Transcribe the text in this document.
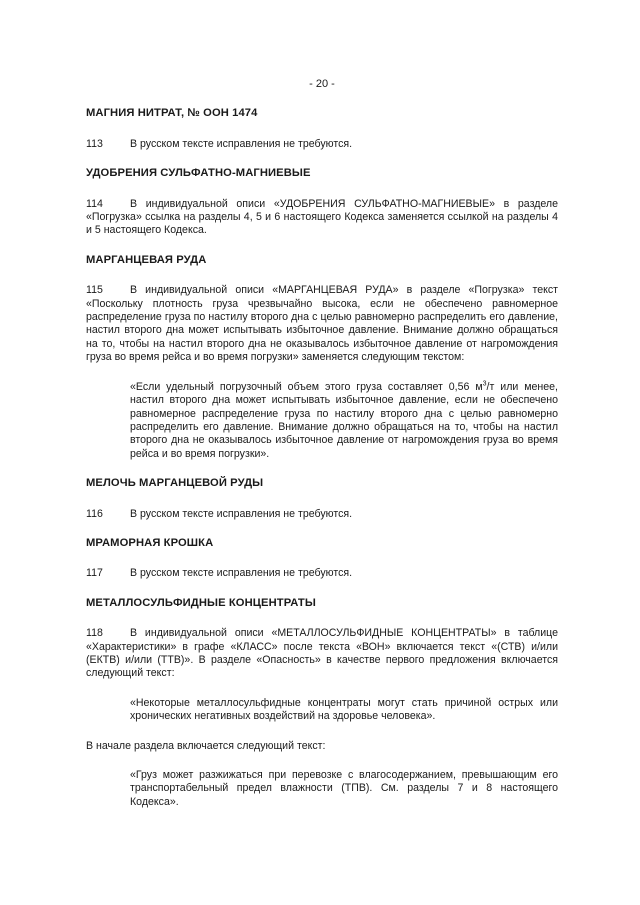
- 20 -
МАГНИЯ НИТРАТ, № ООН 1474
113	В русском тексте исправления не требуются.
УДОБРЕНИЯ СУЛЬФАТНО-МАГНИЕВЫЕ
114	В индивидуальной описи «УДОБРЕНИЯ СУЛЬФАТНО-МАГНИЕВЫЕ» в разделе «Погрузка» ссылка на разделы 4, 5 и 6 настоящего Кодекса заменяется ссылкой на разделы 4 и 5 настоящего Кодекса.
МАРГАНЦЕВАЯ РУДА
115	В индивидуальной описи «МАРГАНЦЕВАЯ РУДА» в разделе «Погрузка» текст «Поскольку плотность груза чрезвычайно высока, если не обеспечено равномерное распределение груза по настилу второго дна с целью равномерно распределить его давление, настил второго дна может испытывать избыточное давление. Внимание должно обращаться на то, чтобы на настил второго дна не оказывалось избыточное давление от нагромождения груза во время рейса и во время погрузки» заменяется следующим текстом:
«Если удельный погрузочный объем этого груза составляет 0,56 $м^3/т$ или менее, настил второго дна может испытывать избыточное давление, если не обеспечено равномерное распределение груза по настилу второго дна с целью равномерно распределить его давление. Внимание должно обращаться на то, чтобы на настил второго дна не оказывалось избыточное давление от нагромождения груза во время рейса и во время погрузки».
МЕЛОЧЬ МАРГАНЦЕВОЙ РУДЫ
116	В русском тексте исправления не требуются.
МРАМОРНАЯ КРОШКА
117	В русском тексте исправления не требуются.
МЕТАЛЛОСУЛЬФИДНЫЕ КОНЦЕНТРАТЫ
118	В индивидуальной описи «МЕТАЛЛОСУЛЬФИДНЫЕ КОНЦЕНТРАТЫ» в таблице «Характеристики» в графе «КЛАСС» после текста «ВОН» включается текст «(СТВ) и/или (ЕКТВ) и/или (ТТВ)». В разделе «Опасность» в качестве первого предложения включается следующий текст:
«Некоторые металлосульфидные концентраты могут стать причиной острых или хронических негативных воздействий на здоровье человека».
В начале раздела включается следующий текст:
«Груз может разжижаться при перевозке с влагосодержанием, превышающим его транспортабельный предел влажности (ТПВ). См. разделы 7 и 8 настоящего Кодекса».
